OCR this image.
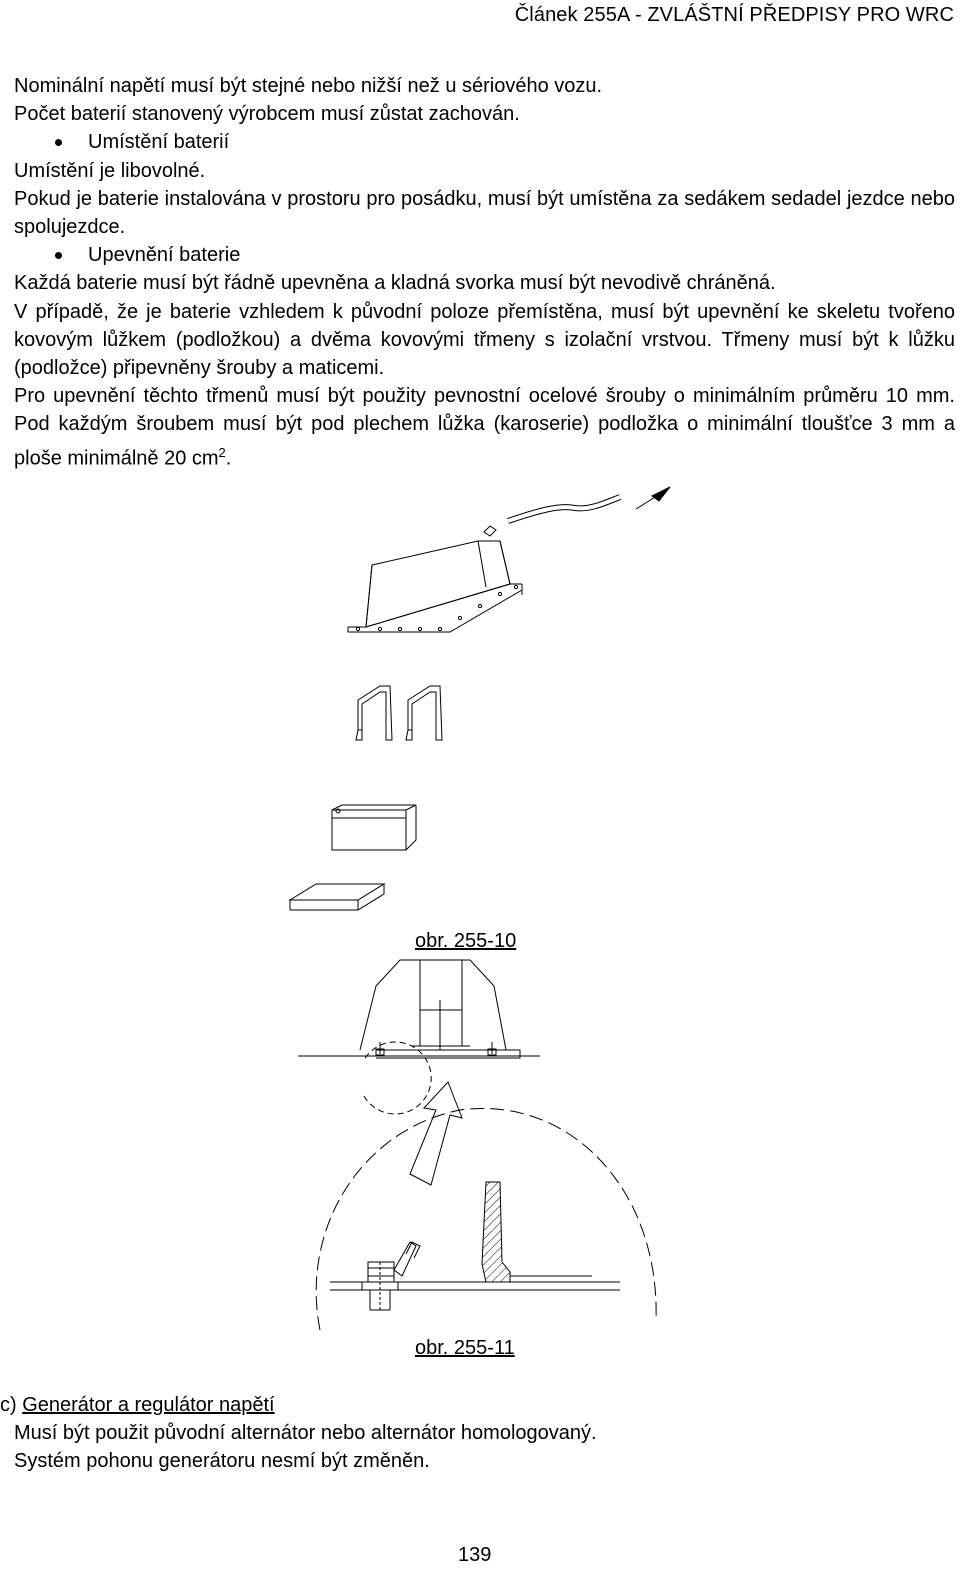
Článek 255A - ZVLÁŠTNÍ PŘEDPISY PRO WRC

Nominální napětí musí být stejné nebo nižší než u sériového vozu.

Počet baterií stanovený výrobcem musí zůstat zachován.

Umístění baterií

Umístění je libovolné.

Pokud je baterie instalována v prostoru pro posádku, musí být umístěna za sedákem sedadel jezdce nebo spolujezdce.

Upevnění baterie

Každá baterie musí být řádně upevněna a kladná svorka musí být nevodivě chráněná.

V případě, že je baterie vzhledem k původní poloze přemístěna, musí být upevnění ke skeletu tvořeno kovovým lůžkem (podložkou) a dvěma kovovými třmeny s izolační vrstvou. Třmeny musí být k lůžku (podložce) připevněny šrouby a maticemi.

Pro upevnění těchto třmenů musí být použity pevnostní ocelové šrouby o minimálním průměru 10 mm. Pod každým šroubem musí být pod plechem lůžka (karoserie) podložka o minimální tloušťce 3 mm a ploše minimálně 20 $cm^2$.

obr. 255-10
obr. 255-11

c) Generátor a regulátor napětí

Musí být použit původní alternátor nebo alternátor homologovaný.

Systém pohonu generátoru nesmí být změněn.

139
